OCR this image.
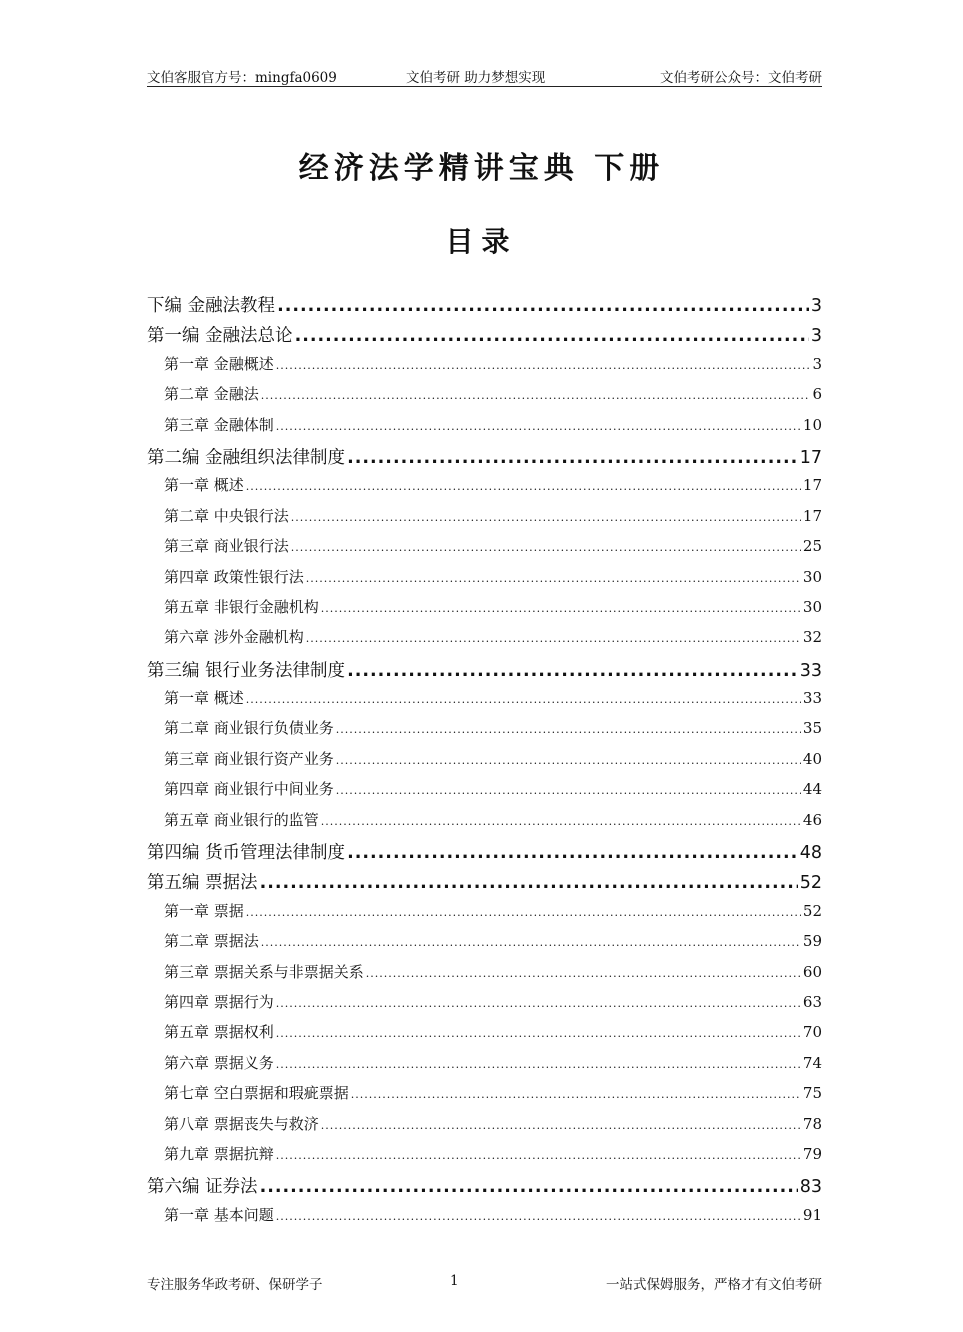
文伯客服官方号：mingfa0609	文伯考研 助力梦想实现	文伯考研公众号：文伯考研
经济法学精讲宝典 下册
目录
下编 金融法教程 .....	3
第一编 金融法总论 .....	3
第一章 金融概述 .....	3
第二章 金融法 .....	6
第三章 金融体制 .....	10
第二编 金融组织法律制度 .....	17
第一章 概述 .....	17
第二章 中央银行法 .....	17
第三章 商业银行法 .....	25
第四章 政策性银行法 .....	30
第五章 非银行金融机构 .....	30
第六章 涉外金融机构 .....	32
第三编 银行业务法律制度 .....	33
第一章 概述 .....	33
第二章 商业银行负债业务 .....	35
第三章 商业银行资产业务 .....	40
第四章 商业银行中间业务 .....	44
第五章 商业银行的监管 .....	46
第四编 货币管理法律制度 .....	48
第五编 票据法 .....	52
第一章 票据 .....	52
第二章 票据法 .....	59
第三章 票据关系与非票据关系 .....	60
第四章 票据行为 .....	63
第五章 票据权利 .....	70
第六章 票据义务 .....	74
第七章 空白票据和瑕疵票据 .....	75
第八章 票据丧失与救济 .....	78
第九章 票据抗辩 .....	79
第六编 证券法 .....	83
第一章 基本问题 .....	91
专注服务华政考研、保研学子	1	一站式保姆服务，严格才有文伯考研
